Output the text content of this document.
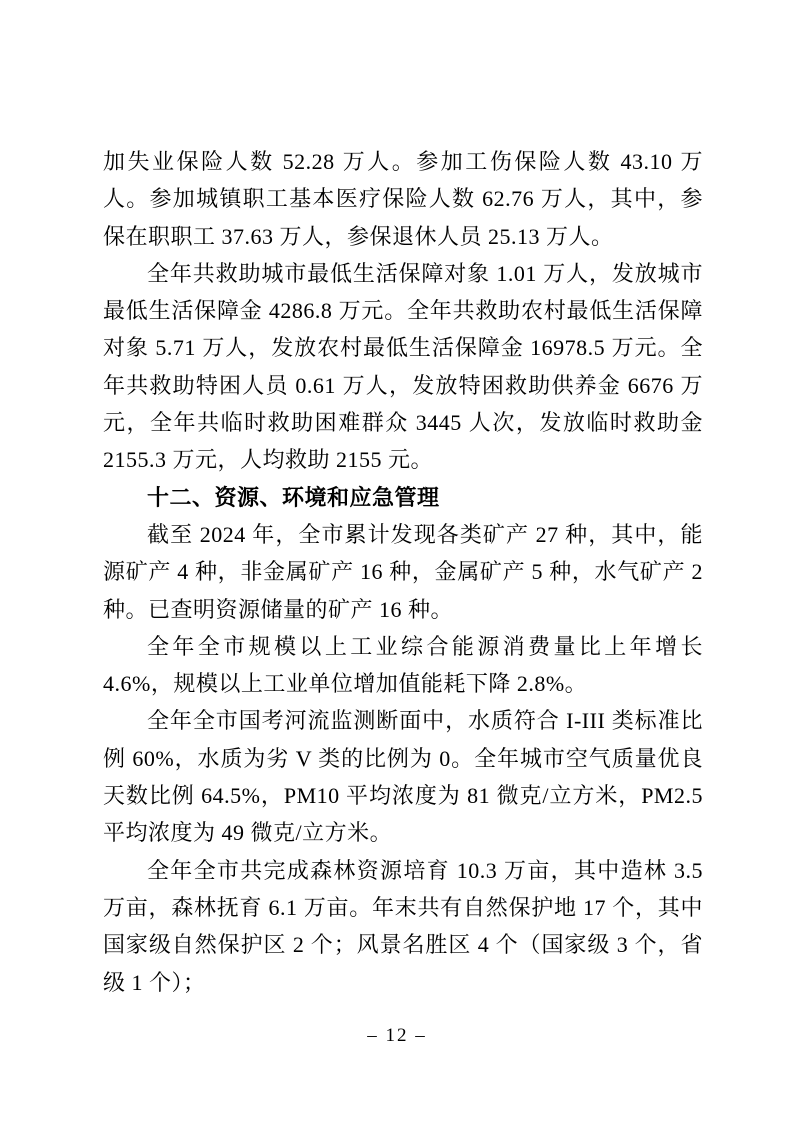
加失业保险人数 52.28 万人。参加工伤保险人数 43.10 万人。参加城镇职工基本医疗保险人数 62.76 万人，其中，参保在职职工 37.63 万人，参保退休人员 25.13 万人。

全年共救助城市最低生活保障对象 1.01 万人，发放城市最低生活保障金 4286.8 万元。全年共救助农村最低生活保障对象 5.71 万人，发放农村最低生活保障金 16978.5 万元。全年共救助特困人员 0.61 万人，发放特困救助供养金 6676 万元，全年共临时救助困难群众 3445 人次，发放临时救助金 2155.3 万元，人均救助 2155 元。

十二、资源、环境和应急管理

截至 2024 年，全市累计发现各类矿产 27 种，其中，能源矿产 4 种，非金属矿产 16 种，金属矿产 5 种，水气矿产 2 种。已查明资源储量的矿产 16 种。

全年全市规模以上工业综合能源消费量比上年增长 4.6%，规模以上工业单位增加值能耗下降 2.8%。

全年全市国考河流监测断面中，水质符合 I-III 类标准比例 60%，水质为劣 V 类的比例为 0。全年城市空气质量优良天数比例 64.5%，PM10 平均浓度为 81 微克/立方米，PM2.5 平均浓度为 49 微克/立方米。

全年全市共完成森林资源培育 10.3 万亩，其中造林 3.5 万亩，森林抚育 6.1 万亩。年末共有自然保护地 17 个，其中国家级自然保护区 2 个；风景名胜区 4 个（国家级 3 个，省级 1 个）；

– 12 –
